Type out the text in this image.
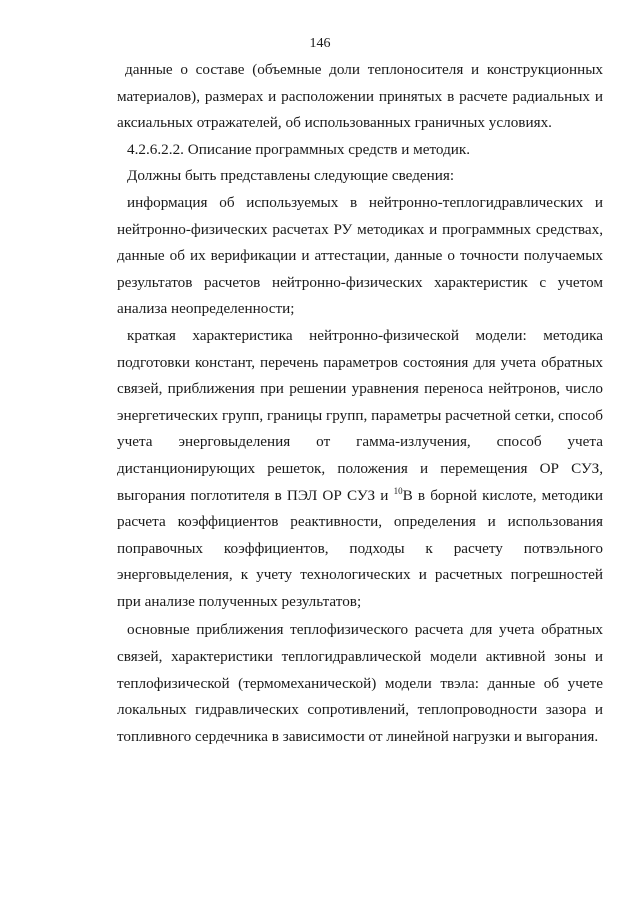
146

данные о составе (объемные доли теплоносителя и конструкционных материалов), размерах и расположении принятых в расчете радиальных и аксиальных отражателей, об использованных граничных условиях.

4.2.6.2.2. Описание программных средств и методик.

Должны быть представлены следующие сведения:

информация об используемых в нейтронно-теплогидравлических и нейтронно-физических расчетах РУ методиках и программных средствах, данные об их верификации и аттестации, данные о точности получаемых результатов расчетов нейтронно-физических характеристик с учетом анализа неопределенности;

краткая характеристика нейтронно-физической модели: методика подготовки констант, перечень параметров состояния для учета обратных связей, приближения при решении уравнения переноса нейтронов, число энергетических групп, границы групп, параметры расчетной сетки, способ учета энерговыделения от гамма-излучения, способ учета дистанционирующих решеток, положения и перемещения ОР СУЗ, выгорания поглотителя в ПЭЛ ОР СУЗ и $^{10}$B в борной кислоте, методики расчета коэффициентов реактивности, определения и использования поправочных коэффициентов, подходы к расчету потвэльного энерговыделения, к учету технологических и расчетных погрешностей при анализе полученных результатов;

основные приближения теплофизического расчета для учета обратных связей, характеристики теплогидравлической модели активной зоны и теплофизической (термомеханической) модели твэла: данные об учете локальных гидравлических сопротивлений, теплопроводности зазора и топливного сердечника в зависимости от линейной нагрузки и выгорания.
